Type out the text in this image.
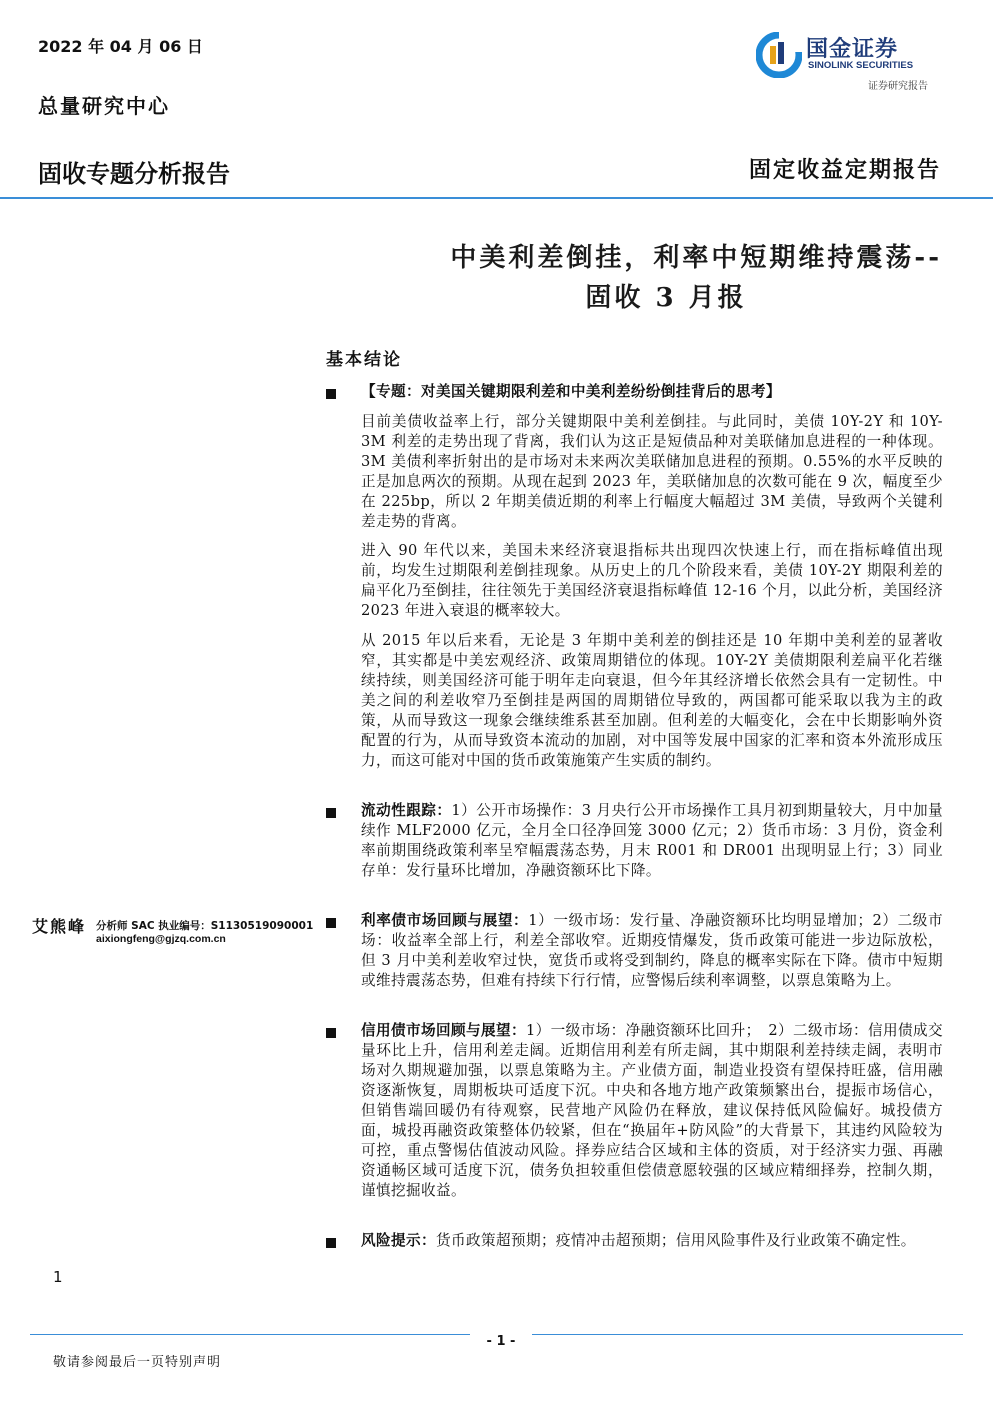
2022 年 04 月 06 日
总量研究中心
固收专题分析报告	固定收益定期报告
国金证券
SINOLINK SECURITIES
证券研究报告
中美利差倒挂，利率中短期维持震荡--
固收 3 月报
基本结论

【专题：对美国关键期限利差和中美利差纷纷倒挂背后的思考】

目前美债收益率上行，部分关键期限中美利差倒挂。与此同时，美债 10Y-2Y 和 10Y-3M 利差的走势出现了背离，我们认为这正是短债品种对美联储加息进程的一种体现。3M 美债利率折射出的是市场对未来两次美联储加息进程的预期。0.55%的水平反映的正是加息两次的预期。从现在起到 2023 年，美联储加息的次数可能在 9 次，幅度至少在 225bp，所以 2 年期美债近期的利率上行幅度大幅超过 3M 美债，导致两个关键利差走势的背离。

进入 90 年代以来，美国未来经济衰退指标共出现四次快速上行，而在指标峰值出现前，均发生过期限利差倒挂现象。从历史上的几个阶段来看，美债 10Y-2Y 期限利差的扁平化乃至倒挂，往往领先于美国经济衰退指标峰值 12-16 个月，以此分析，美国经济 2023 年进入衰退的概率较大。

从 2015 年以后来看，无论是 3 年期中美利差的倒挂还是 10 年期中美利差的显著收窄，其实都是中美宏观经济、政策周期错位的体现。10Y-2Y 美债期限利差扁平化若继续持续，则美国经济可能于明年走向衰退，但今年其经济增长依然会具有一定韧性。中美之间的利差收窄乃至倒挂是两国的周期错位导致的，两国都可能采取以我为主的政策，从而导致这一现象会继续维系甚至加剧。但利差的大幅变化，会在中长期影响外资配置的行为，从而导致资本流动的加剧，对中国等发展中国家的汇率和资本外流形成压力，而这可能对中国的货币政策施策产生实质的制约。

流动性跟踪：1）公开市场操作：3 月央行公开市场操作工具月初到期量较大，月中加量续作 MLF2000 亿元，全月全口径净回笼 3000 亿元；2）货币市场：3 月份，资金利率前期围绕政策利率呈窄幅震荡态势，月末 R001 和 DR001 出现明显上行；3）同业存单：发行量环比增加，净融资额环比下降。

利率债市场回顾与展望：1）一级市场：发行量、净融资额环比均明显增加；2）二级市场：收益率全部上行，利差全部收窄。近期疫情爆发，货币政策可能进一步边际放松，但 3 月中美利差收窄过快，宽货币或将受到制约，降息的概率实际在下降。债市中短期或维持震荡态势，但难有持续下行行情，应警惕后续利率调整，以票息策略为上。

信用债市场回顾与展望：1）一级市场：净融资额环比回升；　2）二级市场：信用债成交量环比上升，信用利差走阔。近期信用利差有所走阔，其中期限利差持续走阔，表明市场对久期规避加强，以票息策略为主。产业债方面，制造业投资有望保持旺盛，信用融资逐渐恢复，周期板块可适度下沉。中央和各地方地产政策频繁出台，提振市场信心，但销售端回暖仍有待观察，民营地产风险仍在释放，建议保持低风险偏好。城投债方面，城投再融资政策整体仍较紧，但在“换届年+防风险”的大背景下，其违约风险较为可控，重点警惕估值波动风险。择券应结合区域和主体的资质，对于经济实力强、再融资通畅区域可适度下沉，债务负担较重但偿债意愿较强的区域应精细择券，控制久期，谨慎挖掘收益。

风险提示：货币政策超预期；疫情冲击超预期；信用风险事件及行业政策不确定性。

艾熊峰 分析师 SAC 执业编号：S1130519090001
aixiongfeng@gjzq.com.cn
1
- 1 -
敬请参阅最后一页特别声明
